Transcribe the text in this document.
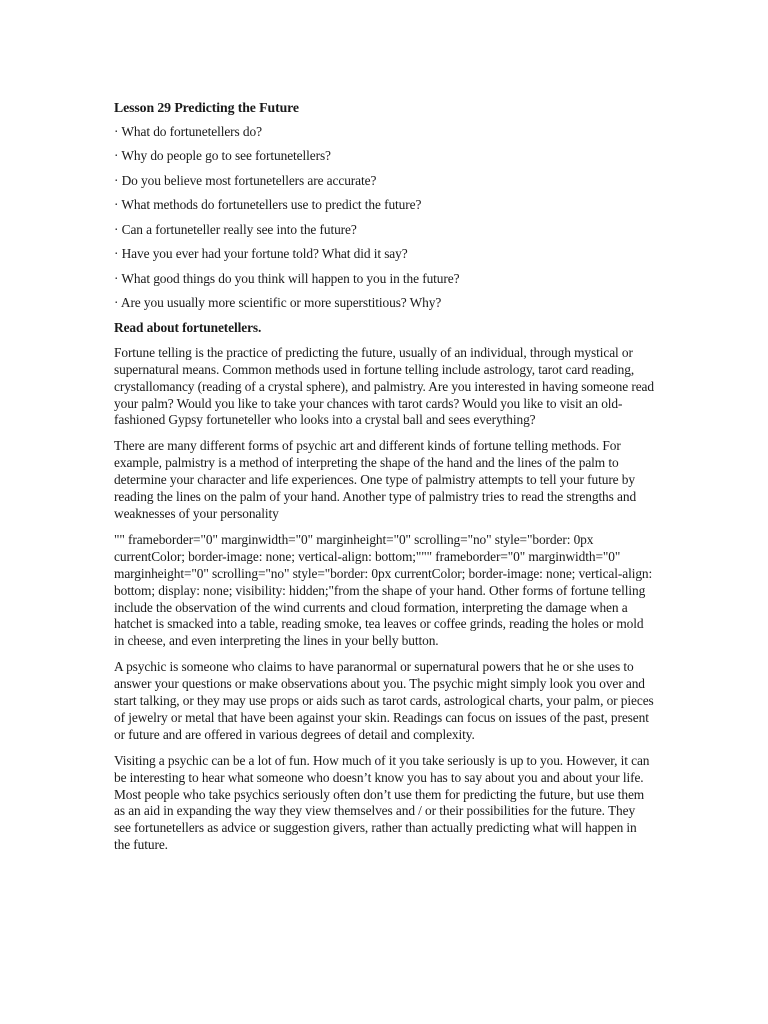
Lesson 29 Predicting the Future
· What do fortunetellers do?
· Why do people go to see fortunetellers?
· Do you believe most fortunetellers are accurate?
· What methods do fortunetellers use to predict the future?
· Can a fortuneteller really see into the future?
· Have you ever had your fortune told? What did it say?
· What good things do you think will happen to you in the future?
· Are you usually more scientific or more superstitious? Why?
Read about fortunetellers.

Fortune telling is the practice of predicting the future, usually of an individual, through mystical or supernatural means. Common methods used in fortune telling include astrology, tarot card reading, crystallomancy (reading of a crystal sphere), and palmistry. Are you interested in having someone read your palm? Would you like to take your chances with tarot cards? Would you like to visit an old-fashioned Gypsy fortuneteller who looks into a crystal ball and sees everything?

There are many different forms of psychic art and different kinds of fortune telling methods. For example, palmistry is a method of interpreting the shape of the hand and the lines of the palm to determine your character and life experiences. One type of palmistry attempts to tell your future by reading the lines on the palm of your hand. Another type of palmistry tries to read the strengths and weaknesses of your personality

"" frameborder="0" marginwidth="0" marginheight="0" scrolling="no" style="border: 0px currentColor; border-image: none; vertical-align: bottom;""" frameborder="0" marginwidth="0" marginheight="0" scrolling="no" style="border: 0px currentColor; border-image: none; vertical-align: bottom; display: none; visibility: hidden;"from the shape of your hand. Other forms of fortune telling include the observation of the wind currents and cloud formation, interpreting the damage when a hatchet is smacked into a table, reading smoke, tea leaves or coffee grinds, reading the holes or mold in cheese, and even interpreting the lines in your belly button.

A psychic is someone who claims to have paranormal or supernatural powers that he or she uses to answer your questions or make observations about you. The psychic might simply look you over and start talking, or they may use props or aids such as tarot cards, astrological charts, your palm, or pieces of jewelry or metal that have been against your skin. Readings can focus on issues of the past, present or future and are offered in various degrees of detail and complexity.

Visiting a psychic can be a lot of fun. How much of it you take seriously is up to you. However, it can be interesting to hear what someone who doesn’t know you has to say about you and about your life. Most people who take psychics seriously often don’t use them for predicting the future, but use them as an aid in expanding the way they view themselves and / or their possibilities for the future. They see fortunetellers as advice or suggestion givers, rather than actually predicting what will happen in the future.
